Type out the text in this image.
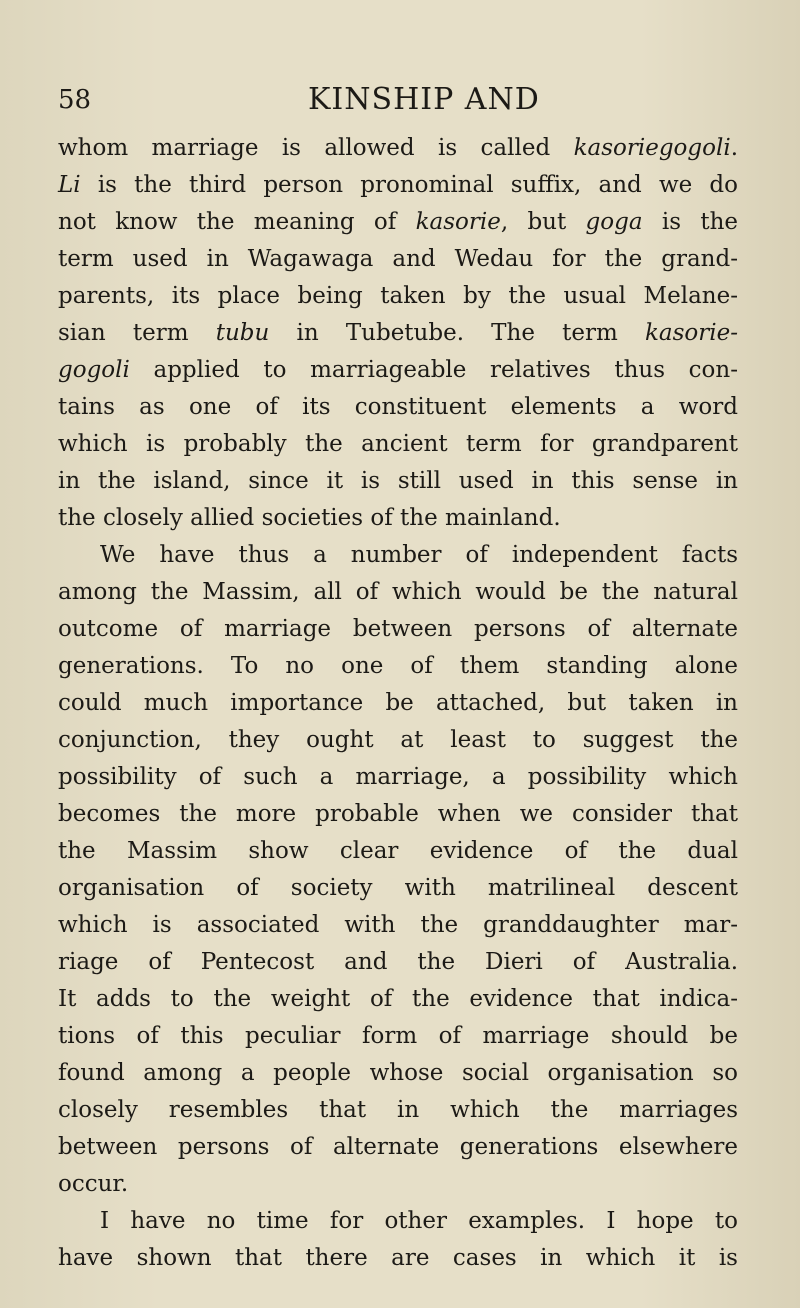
58	KINSHIP AND
whom marriage is allowed is called kasoriegogoli.
Li is the third person pronominal suffix, and we do
not know the meaning of kasorie, but goga is the
term used in Wagawaga and Wedau for the grand-
parents, its place being taken by the usual Melane-
sian term tubu in Tubetube. The term kasorie-
gogoli applied to marriageable relatives thus con-
tains as one of its constituent elements a word
which is probably the ancient term for grandparent
in the island, since it is still used in this sense in
the closely allied societies of the mainland.
We have thus a number of independent facts
among the Massim, all of which would be the natural
outcome of marriage between persons of alternate
generations. To no one of them standing alone
could much importance be attached, but taken in
conjunction, they ought at least to suggest the
possibility of such a marriage, a possibility which
becomes the more probable when we consider that
the Massim show clear evidence of the dual
organisation of society with matrilineal descent
which is associated with the granddaughter mar-
riage of Pentecost and the Dieri of Australia.
It adds to the weight of the evidence that indica-
tions of this peculiar form of marriage should be
found among a people whose social organisation so
closely resembles that in which the marriages
between persons of alternate generations elsewhere
occur.
I have no time for other examples. I hope to
have shown that there are cases in which it is
